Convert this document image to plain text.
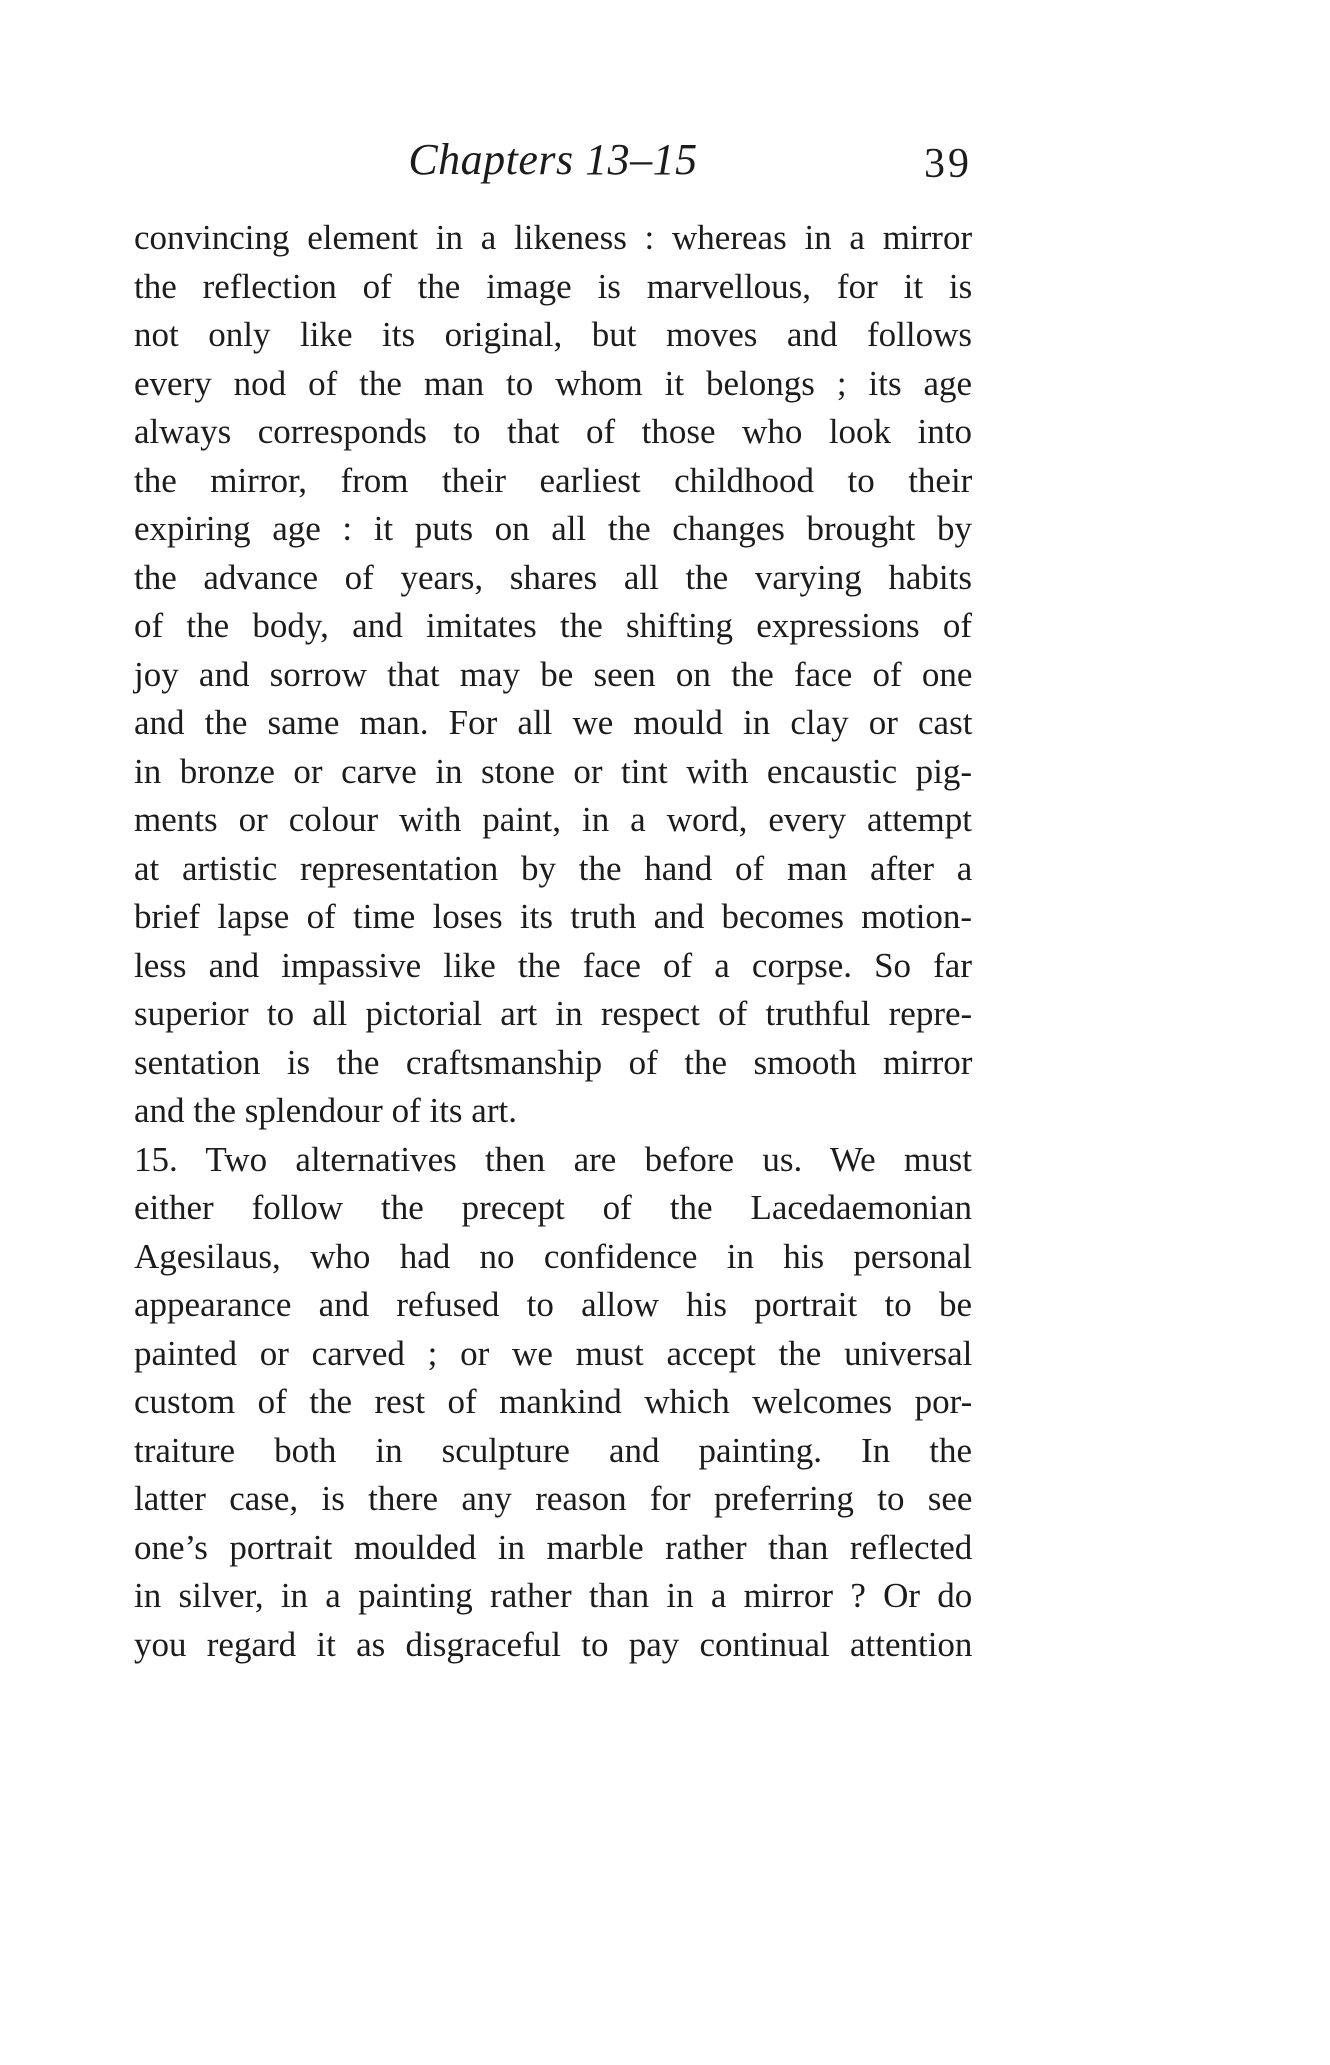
Chapters 13–15	39
convincing element in a likeness : whereas in a mirror
the reflection of the image is marvellous, for it is
not only like its original, but moves and follows
every nod of the man to whom it belongs ; its age
always corresponds to that of those who look into
the mirror, from their earliest childhood to their
expiring age : it puts on all the changes brought by
the advance of years, shares all the varying habits
of the body, and imitates the shifting expressions of
joy and sorrow that may be seen on the face of one
and the same man. For all we mould in clay or cast
in bronze or carve in stone or tint with encaustic pig-
ments or colour with paint, in a word, every attempt
at artistic representation by the hand of man after a
brief lapse of time loses its truth and becomes motion-
less and impassive like the face of a corpse. So far
superior to all pictorial art in respect of truthful repre-
sentation is the craftsmanship of the smooth mirror
and the splendour of its art.
15. Two alternatives then are before us. We must
either follow the precept of the Lacedaemonian
Agesilaus, who had no confidence in his personal
appearance and refused to allow his portrait to be
painted or carved ; or we must accept the universal
custom of the rest of mankind which welcomes por-
traiture both in sculpture and painting. In the
latter case, is there any reason for preferring to see
one’s portrait moulded in marble rather than reflected
in silver, in a painting rather than in a mirror ? Or do
you regard it as disgraceful to pay continual attention
